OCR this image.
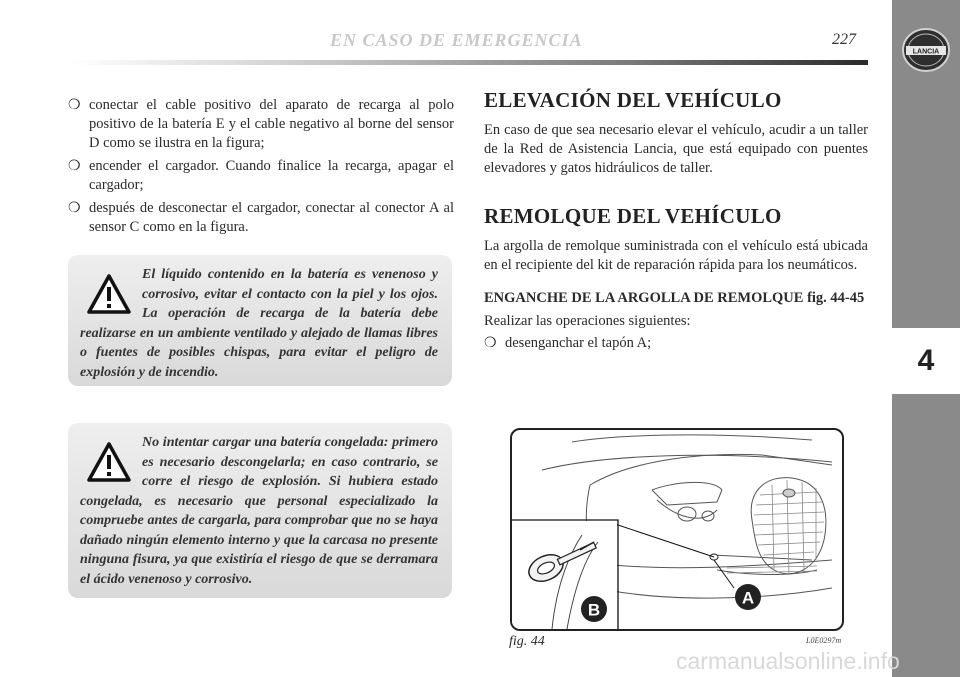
EN CASO DE EMERGENCIA	227
LANCIA
4
❍ conectar el cable positivo del aparato de recarga al polo positivo de la batería E y el cable negativo al borne del sensor D como se ilustra en la figura;
❍ encender el cargador. Cuando finalice la recarga, apagar el cargador;
❍ después de desconectar el cargador, conectar al conector A al sensor C como en la figura.

El líquido contenido en la batería es venenoso y corrosivo, evitar el contacto con la piel y los ojos. La operación de recarga de la batería debe realizarse en un ambiente ventilado y alejado de llamas libres o fuentes de posibles chispas, para evitar el peligro de explosión y de incendio.

No intentar cargar una batería congelada: primero es necesario descongelarla; en caso contrario, se corre el riesgo de explosión. Si hubiera estado congelada, es necesario que personal especializado la compruebe antes de cargarla, para comprobar que no se haya dañado ningún elemento interno y que la carcasa no presente ninguna fisura, ya que existiría el riesgo de que se derramara el ácido venenoso y corrosivo.

ELEVACIÓN DEL VEHÍCULO

En caso de que sea necesario elevar el vehículo, acudir a un taller de la Red de Asistencia Lancia, que está equipado con puentes elevadores y gatos hidráulicos de taller.

REMOLQUE DEL VEHÍCULO

La argolla de remolque suministrada con el vehículo está ubicada en el recipiente del kit de reparación rápida para los neumáticos.

ENGANCHE DE LA ARGOLLA DE REMOLQUE fig. 44-45

Realizar las operaciones siguientes:

❍ desenganchar el tapón A;
B
A
fig. 44	L0E0297m
carmanualsonline.info
